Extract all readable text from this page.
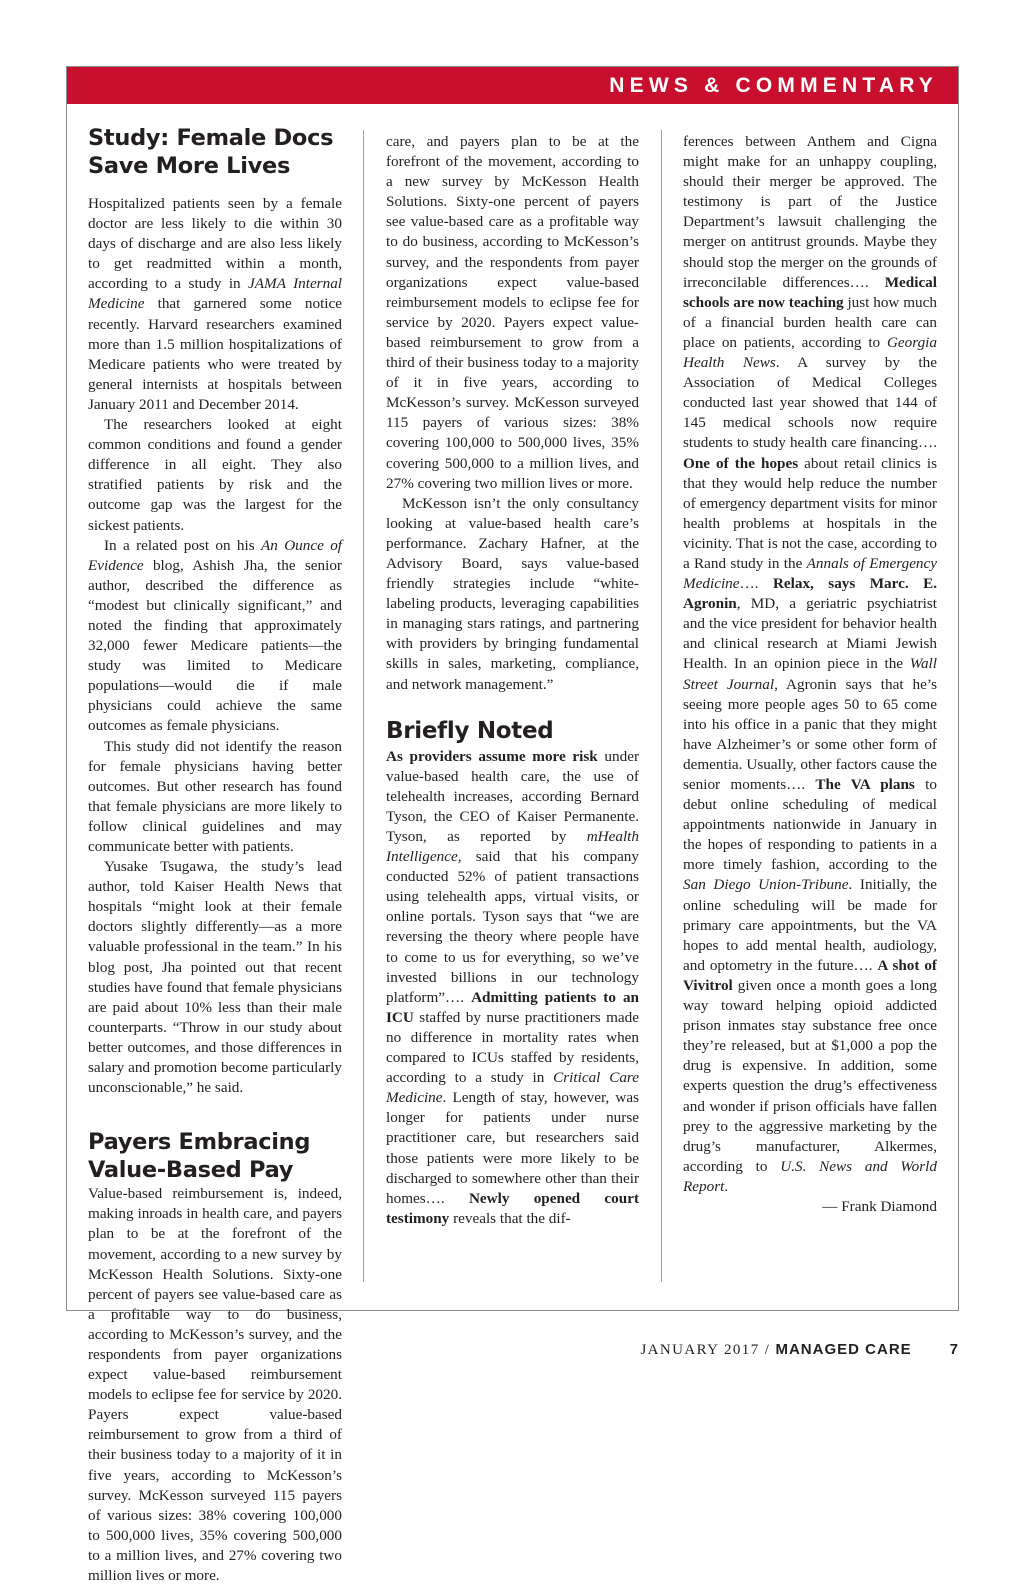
NEWS & COMMENTARY
Study: Female Docs Save More Lives

Hospitalized patients seen by a female doctor are less likely to die within 30 days of discharge and are also less likely to get readmitted within a month, according to a study in JAMA Internal Medicine that garnered some notice recently. Harvard researchers examined more than 1.5 million hospitalizations of Medicare patients who were treated by general internists at hospitals between January 2011 and December 2014.

The researchers looked at eight common conditions and found a gender difference in all eight. They also stratified patients by risk and the outcome gap was the largest for the sickest patients.

In a related post on his An Ounce of Evidence blog, Ashish Jha, the senior author, described the difference as “modest but clinically significant,” and noted the finding that approximately 32,000 fewer Medicare patients—the study was limited to Medicare populations—would die if male physicians could achieve the same outcomes as female physicians.

This study did not identify the reason for female physicians having better outcomes. But other research has found that female physicians are more likely to follow clinical guidelines and may communicate better with patients.

Yusake Tsugawa, the study’s lead author, told Kaiser Health News that hospitals “might look at their female doctors slightly differently—as a more valuable professional in the team.” In his blog post, Jha pointed out that recent studies have found that female physicians are paid about 10% less than their male counterparts. “Throw in our study about better outcomes, and those differences in salary and promotion become particularly unconscionable,” he said.

Payers Embracing Value-Based Pay

Value-based reimbursement is, indeed, making inroads in health care, and payers plan to be at the forefront of the movement, according to a new survey by McKesson Health Solutions. Sixty-one percent of payers see value-based care as a profitable way to do business, according to McKesson’s survey, and the respondents from payer organizations expect value-based reimbursement models to eclipse fee for service by 2020. Payers expect value-based reimbursement to grow from a third of their business today to a majority of it in five years, according to McKesson’s survey. McKesson surveyed 115 payers of various sizes: 38% covering 100,000 to 500,000 lives, 35% covering 500,000 to a million lives, and 27% covering two million lives or more.

care, and payers plan to be at the forefront of the movement, according to a new survey by McKesson Health Solutions. Sixty-one percent of payers see value-based care as a profitable way to do business, according to McKesson’s survey, and the respondents from payer organizations expect value-based reimbursement models to eclipse fee for service by 2020. Payers expect value-based reimbursement to grow from a third of their business today to a majority of it in five years, according to McKesson’s survey. McKesson surveyed 115 payers of various sizes: 38% covering 100,000 to 500,000 lives, 35% covering 500,000 to a million lives, and 27% covering two million lives or more.

McKesson isn’t the only consultancy looking at value-based health care’s performance. Zachary Hafner, at the Advisory Board, says value-based friendly strategies include “white-labeling products, leveraging capabilities in managing stars ratings, and partnering with providers by bringing fundamental skills in sales, marketing, compliance, and network management.”

Briefly Noted

As providers assume more risk under value-based health care, the use of telehealth increases, according Bernard Tyson, the CEO of Kaiser Permanente. Tyson, as reported by mHealth Intelligence, said that his company conducted 52% of patient transactions using telehealth apps, virtual visits, or online portals. Tyson says that “we are reversing the theory where people have to come to us for everything, so we’ve invested billions in our technology platform”…. Admitting patients to an ICU staffed by nurse practitioners made no difference in mortality rates when compared to ICUs staffed by residents, according to a study in Critical Care Medicine. Length of stay, however, was longer for patients under nurse practitioner care, but researchers said those patients were more likely to be discharged to somewhere other than their homes…. Newly opened court testimony reveals that the dif-

ferences between Anthem and Cigna might make for an unhappy coupling, should their merger be approved. The testimony is part of the Justice Department’s lawsuit challenging the merger on antitrust grounds. Maybe they should stop the merger on the grounds of irreconcilable differences…. Medical schools are now teaching just how much of a financial burden health care can place on patients, according to Georgia Health News. A survey by the Association of Medical Colleges conducted last year showed that 144 of 145 medical schools now require students to study health care financing…. One of the hopes about retail clinics is that they would help reduce the number of emergency department visits for minor health problems at hospitals in the vicinity. That is not the case, according to a Rand study in the Annals of Emergency Medicine…. Relax, says Marc. E. Agronin, MD, a geriatric psychiatrist and the vice president for behavior health and clinical research at Miami Jewish Health. In an opinion piece in the Wall Street Journal, Agronin says that he’s seeing more people ages 50 to 65 come into his office in a panic that they might have Alzheimer’s or some other form of dementia. Usually, other factors cause the senior moments…. The VA plans to debut online scheduling of medical appointments nationwide in January in the hopes of responding to patients in a more timely fashion, according to the San Diego Union-Tribune. Initially, the online scheduling will be made for primary care appointments, but the VA hopes to add mental health, audiology, and optometry in the future…. A shot of Vivitrol given once a month goes a long way toward helping opioid addicted prison inmates stay substance free once they’re released, but at $1,000 a pop the drug is expensive. In addition, some experts question the drug’s effectiveness and wonder if prison officials have fallen prey to the aggressive marketing by the drug’s manufacturer, Alkermes, according to U.S. News and World Report.

— Frank Diamond

JANUARY 2017 / MANAGED CARE	7
